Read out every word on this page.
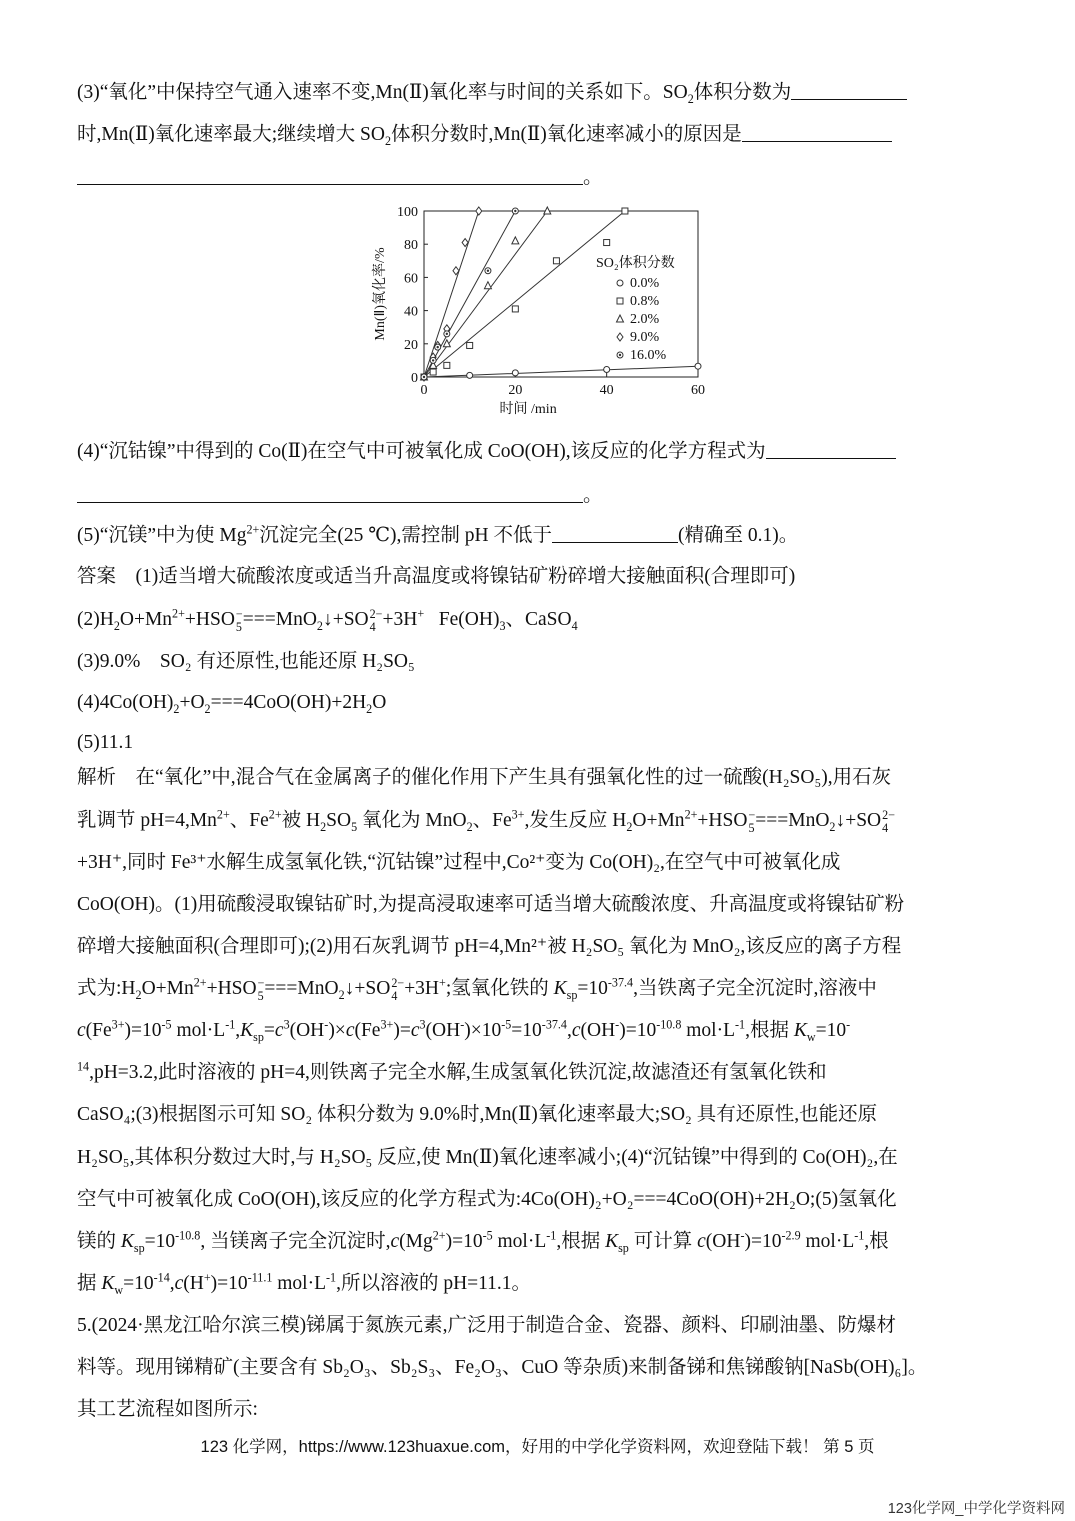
(3)“氧化”中保持空气通入速率不变,Mn(Ⅱ)氧化率与时间的关系如下。$SO_2$体积分数为
时,Mn(Ⅱ)氧化速率最大;继续增大 $SO_2$体积分数时,Mn(Ⅱ)氧化速率减小的原因是
。
0	20	40	60
0
20
40
60
80
100
时间 /min
Mn(Ⅱ)氧化率/%	SO₂体积分数
0.0%
0.8%
2.0%
9.0%
16.0%
(4)“沉钴镍”中得到的 Co(Ⅱ)在空气中可被氧化成 CoO(OH),该反应的化学方程式为
。
(5)“沉镁”中为使 $Mg^{2+}$沉淀完全(25 ℃),需控制 pH 不低于	(精确至 0.1)。
答案　(1)适当增大硫酸浓度或适当升高温度或将镍钴矿粉碎增大接触面积(合理即可)
$(2)H_2O+Mn^{2+}+HSO$ −
5 ===MnO$_2$↓+SO 2−
4 +3H+   $Fe(OH)_3$、CaSO$_4$
(3)9.0%　SO₂ 有还原性,也能还原 H₂SO₅
$(4)4Co(OH)_2+O_2===4CoO(OH)+2H_2O$
(5)11.1
解析　在“氧化”中,混合气在金属离子的催化作用下产生具有强氧化性的过一硫酸(H₂SO₅),用石灰
乳调节 $pH=4,Mn^{2+}$、$Fe^{2+}$被 $H_2SO_5$ 氧化为 MnO$_2$、$Fe^{3+}$,发生反应 $H_2O+Mn^{2+}+HSO$ −
5 ===MnO$_2$↓+SO 2−
4
+3H⁺,同时 Fe³⁺水解生成氢氧化铁,“沉钴镍”过程中,Co²⁺变为 Co(OH)₂,在空气中可被氧化成
CoO(OH)。(1)用硫酸浸取镍钴矿时,为提高浸取速率可适当增大硫酸浓度、升高温度或将镍钴矿粉
碎增大接触面积(合理即可);(2)用石灰乳调节 pH=4,Mn²⁺被 H₂SO₅ 氧化为 MnO₂,该反应的离子方程
式为$:H_2O+Mn^{2+}+HSO$ −
5 ===MnO$_2$↓+SO 2−
4 +3H+;氢氧化铁的 $K_{sp}=10^{-37.4}$,当铁离子完全沉淀时,溶液中
$c(Fe^{3+})=10^{-5}$ $mol\cdot L^{-1},K_{sp}=c^3(OH^-)\times c(Fe^{3+})=c^3(OH^-)\times 10^{-5}=10^{-37.4},c(OH^-)=10^{-10.8}$ $mol\cdot L^{-1}$,根据 $K_w=10^-$
$^{14}$,pH=3.2,此时溶液的 pH=4,则铁离子完全水解,生成氢氧化铁沉淀,故滤渣还有氢氧化铁和
CaSO₄;(3)根据图示可知 SO₂ 体积分数为 9.0%时,Mn(Ⅱ)氧化速率最大;SO₂ 具有还原性,也能还原
H₂SO₅,其体积分数过大时,与 H₂SO₅ 反应,使 Mn(Ⅱ)氧化速率减小;(4)“沉钴镍”中得到的 Co(OH)₂,在
空气中可被氧化成 CoO(OH),该反应的化学方程式为:4Co(OH)₂+O₂===4CoO(OH)+2H₂O;(5)氢氧化
镁的 $K_{sp}=10^{-10.8}$, 当镁离子完全沉淀时$,c(Mg^{2+})=10^{-5}$ $mol\cdot L^{-1}$,根据 $K_{sp}$ 可计算 $c(OH^-)=10^{-2.9}$ $mol\cdot L^{-1}$,根
据 $K_w=10^{-14},c(H^+)=10^{-11.1}$ $mol\cdot L^{-1}$,所以溶液的 pH=11.1。
5.(2024·黑龙江哈尔滨三模)锑属于氮族元素,广泛用于制造合金、瓷器、颜料、印刷油墨、防爆材
料等。现用锑精矿(主要含有 Sb₂O₃、Sb₂S₃、Fe₂O₃、CuO 等杂质)来制备锑和焦锑酸钠[NaSb(OH)₆]。
其工艺流程如图所示:
123 化学网，https://www.123huaxue.com，好用的中学化学资料网，欢迎登陆下载！ 第 5 页
123化学网_中学化学资料网
